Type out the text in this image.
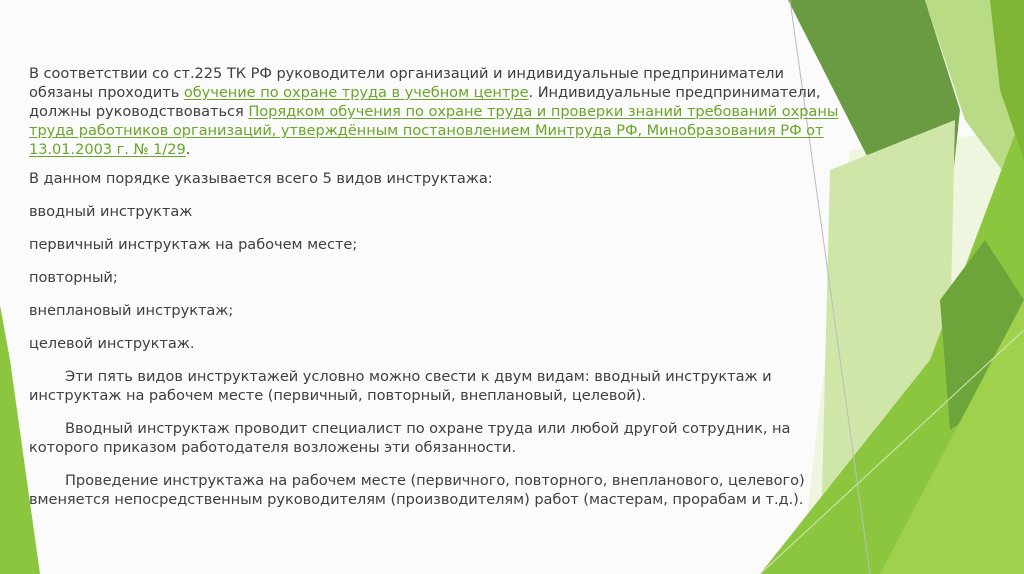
В соответствии со ст.225 ТК РФ руководители организаций и индивидуальные предприниматели обязаны проходить обучение по охране труда в учебном центре. Индивидуальные предприниматели, должны руководствоваться Порядком обучения по охране труда и проверки знаний требований охраны труда работников организаций, утверждённым постановлением Минтруда РФ, Минобразования РФ от 13.01.2003 г. № 1/29.

В данном порядке указывается всего 5 видов инструктажа:

вводный инструктаж

первичный инструктаж на рабочем месте;

повторный;

внеплановый инструктаж;

целевой инструктаж.

Эти пять видов инструктажей условно можно свести к двум видам: вводный инструктаж и инструктаж на рабочем месте (первичный, повторный, внеплановый, целевой).

Вводный инструктаж проводит специалист по охране труда или любой другой сотрудник, на которого приказом работодателя возложены эти обязанности.

Проведение инструктажа на рабочем месте (первичного, повторного, внепланового, целевого) вменяется непосредственным руководителям (производителям) работ (мастерам, прорабам и т.д.).
